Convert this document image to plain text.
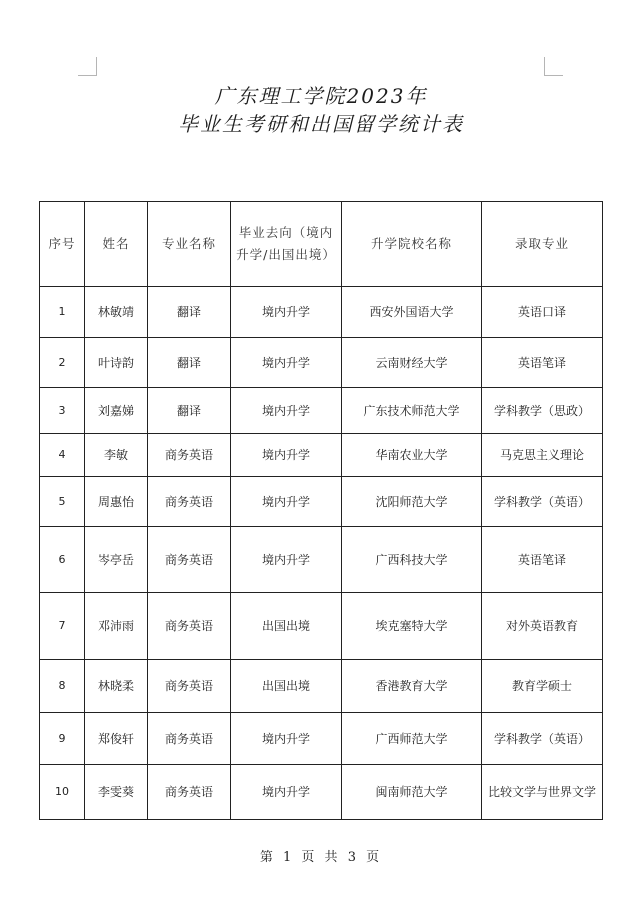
广东理工学院2023年
毕业生考研和出国留学统计表
序号	姓名	专业名称	毕业去向（境内升学/出国出境）	升学院校名称	录取专业
1	林敏靖	翻译	境内升学	西安外国语大学	英语口译
2	叶诗韵	翻译	境内升学	云南财经大学	英语笔译
3	刘嘉娣	翻译	境内升学	广东技术师范大学	学科教学（思政）
4	李敏	商务英语	境内升学	华南农业大学	马克思主义理论
5	周惠怡	商务英语	境内升学	沈阳师范大学	学科教学（英语）
6	岑亭岳	商务英语	境内升学	广西科技大学	英语笔译
7	邓沛雨	商务英语	出国出境	埃克塞特大学	对外英语教育
8	林晓柔	商务英语	出国出境	香港教育大学	教育学硕士
9	郑俊轩	商务英语	境内升学	广西师范大学	学科教学（英语）
10	李雯葵	商务英语	境内升学	闽南师范大学	比较文学与世界文学
第 1 页 共 3 页
